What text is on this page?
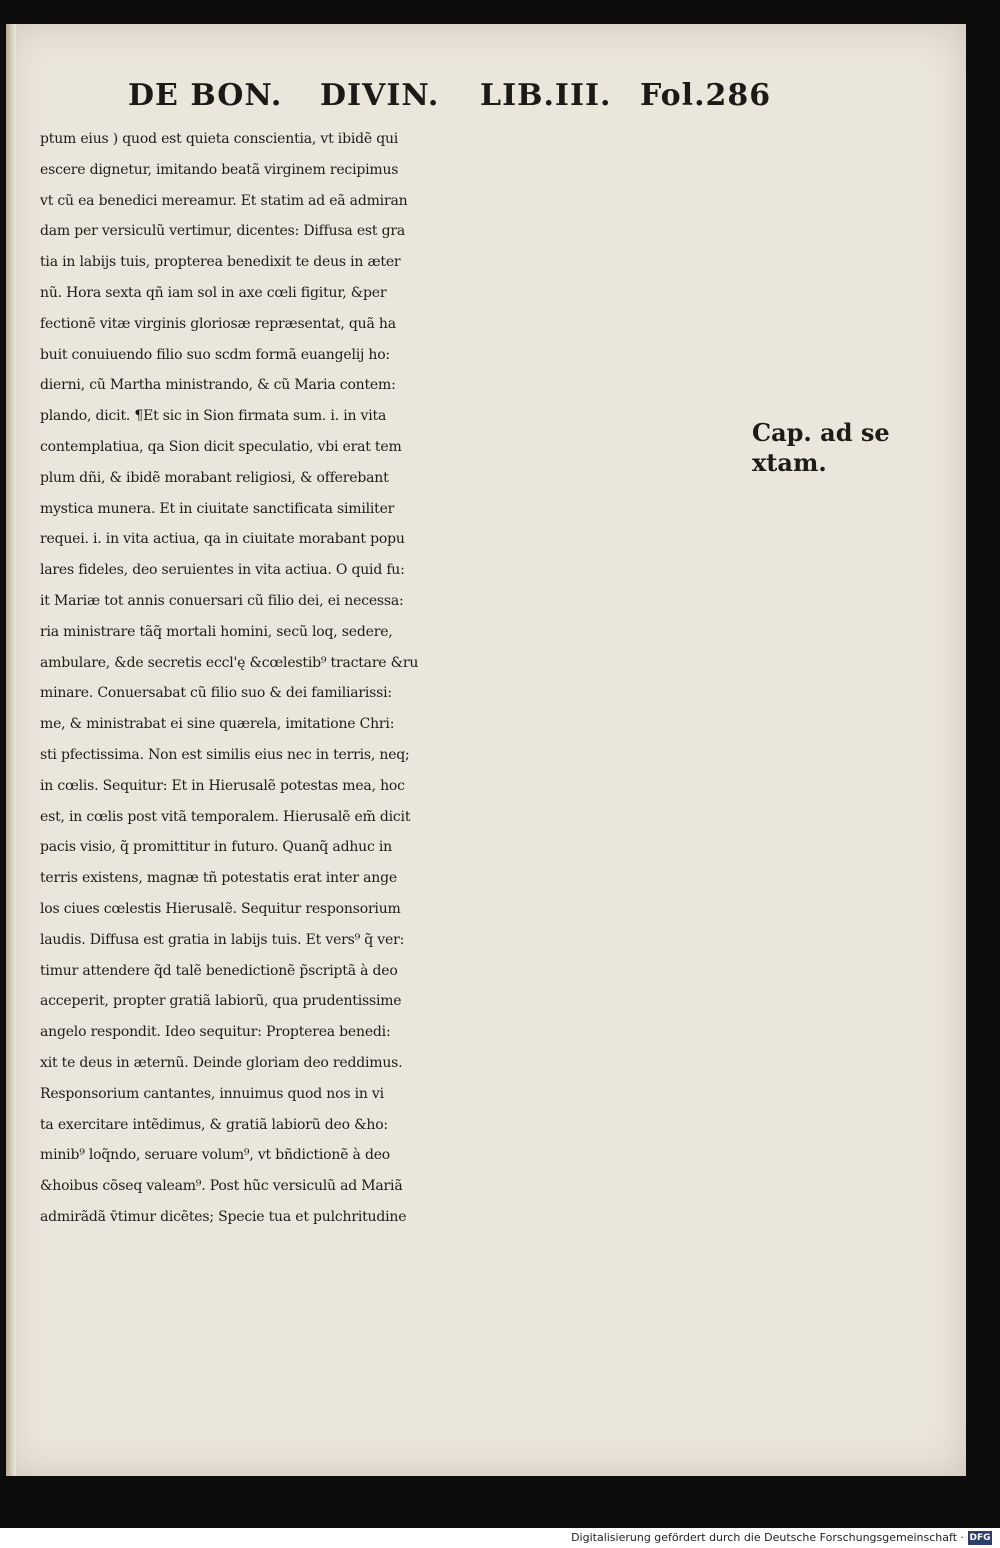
DE BON. DIVIN. LIB.III. Fol.286
ptum eius ) quod est quieta conscientia, vt ibidẽ qui
escere dignetur, imitando beatã virginem recipimus
vt cũ ea benedici mereamur. Et statim ad eã admiran
dam per versiculũ vertimur, dicentes: Diffusa est gra
tia in labijs tuis, propterea benedixit te deus in æter
nũ. Hora sexta qñ iam sol in axe cœli figitur, &per
fectionẽ vitæ virginis gloriosæ repræsentat, quã ha
buit conuiuendo filio suo scdm formã euangelij ho:
dierni, cũ Martha ministrando, & cũ Maria contem:
plando, dicit. ¶Et sic in Sion firmata sum. i. in vita
contemplatiua, qa Sion dicit speculatio, vbi erat tem
plum dñi, & ibidẽ morabant religiosi, & offerebant
mystica munera. Et in ciuitate sanctificata similiter
requei. i. in vita actiua, qa in ciuitate morabant popu
lares fideles, deo seruientes in vita actiua. O quid fu:
it Mariæ tot annis conuersari cũ filio dei, ei necessa:
ria ministrare tãq̃ mortali homini, secũ loq, sedere,
ambulare, &de secretis eccl'ę &cœlestib⁹ tractare &ru
minare. Conuersabat cũ filio suo & dei familiarissi:
me, & ministrabat ei sine quærela, imitatione Chri:
sti pfectissima. Non est similis eius nec in terris, neq;
in cœlis. Sequitur: Et in Hierusalẽ potestas mea, hoc
est, in cœlis post vitã temporalem. Hierusalẽ em̃ dicit
pacis visio, q̃ promittitur in futuro. Quanq̃ adhuc in
terris existens, magnæ tñ potestatis erat inter ange
los ciues cœlestis Hierusalẽ. Sequitur responsorium
laudis. Diffusa est gratia in labijs tuis. Et vers⁹ q̃ ver:
timur attendere q̃d talẽ benedictionẽ p̃scriptã à deo
acceperit, propter gratiã labiorũ, qua prudentissime
angelo respondit. Ideo sequitur: Propterea benedi:
xit te deus in æternũ. Deinde gloriam deo reddimus.
Responsorium cantantes, innuimus quod nos in vi
ta exercitare intẽdimus, & gratiã labiorũ deo &ho:
minib⁹ loq̃ndo, seruare volum⁹, vt bñdictionẽ à deo
&hoibus cõseq valeam⁹. Post hũc versiculũ ad Mariã
admirãdã v̄timur dicẽtes; Specie tua et pulchritudine
Cap. ad se
xtam.
Digitalisierung gefördert durch die Deutsche Forschungsgemeinschaft · DFG
